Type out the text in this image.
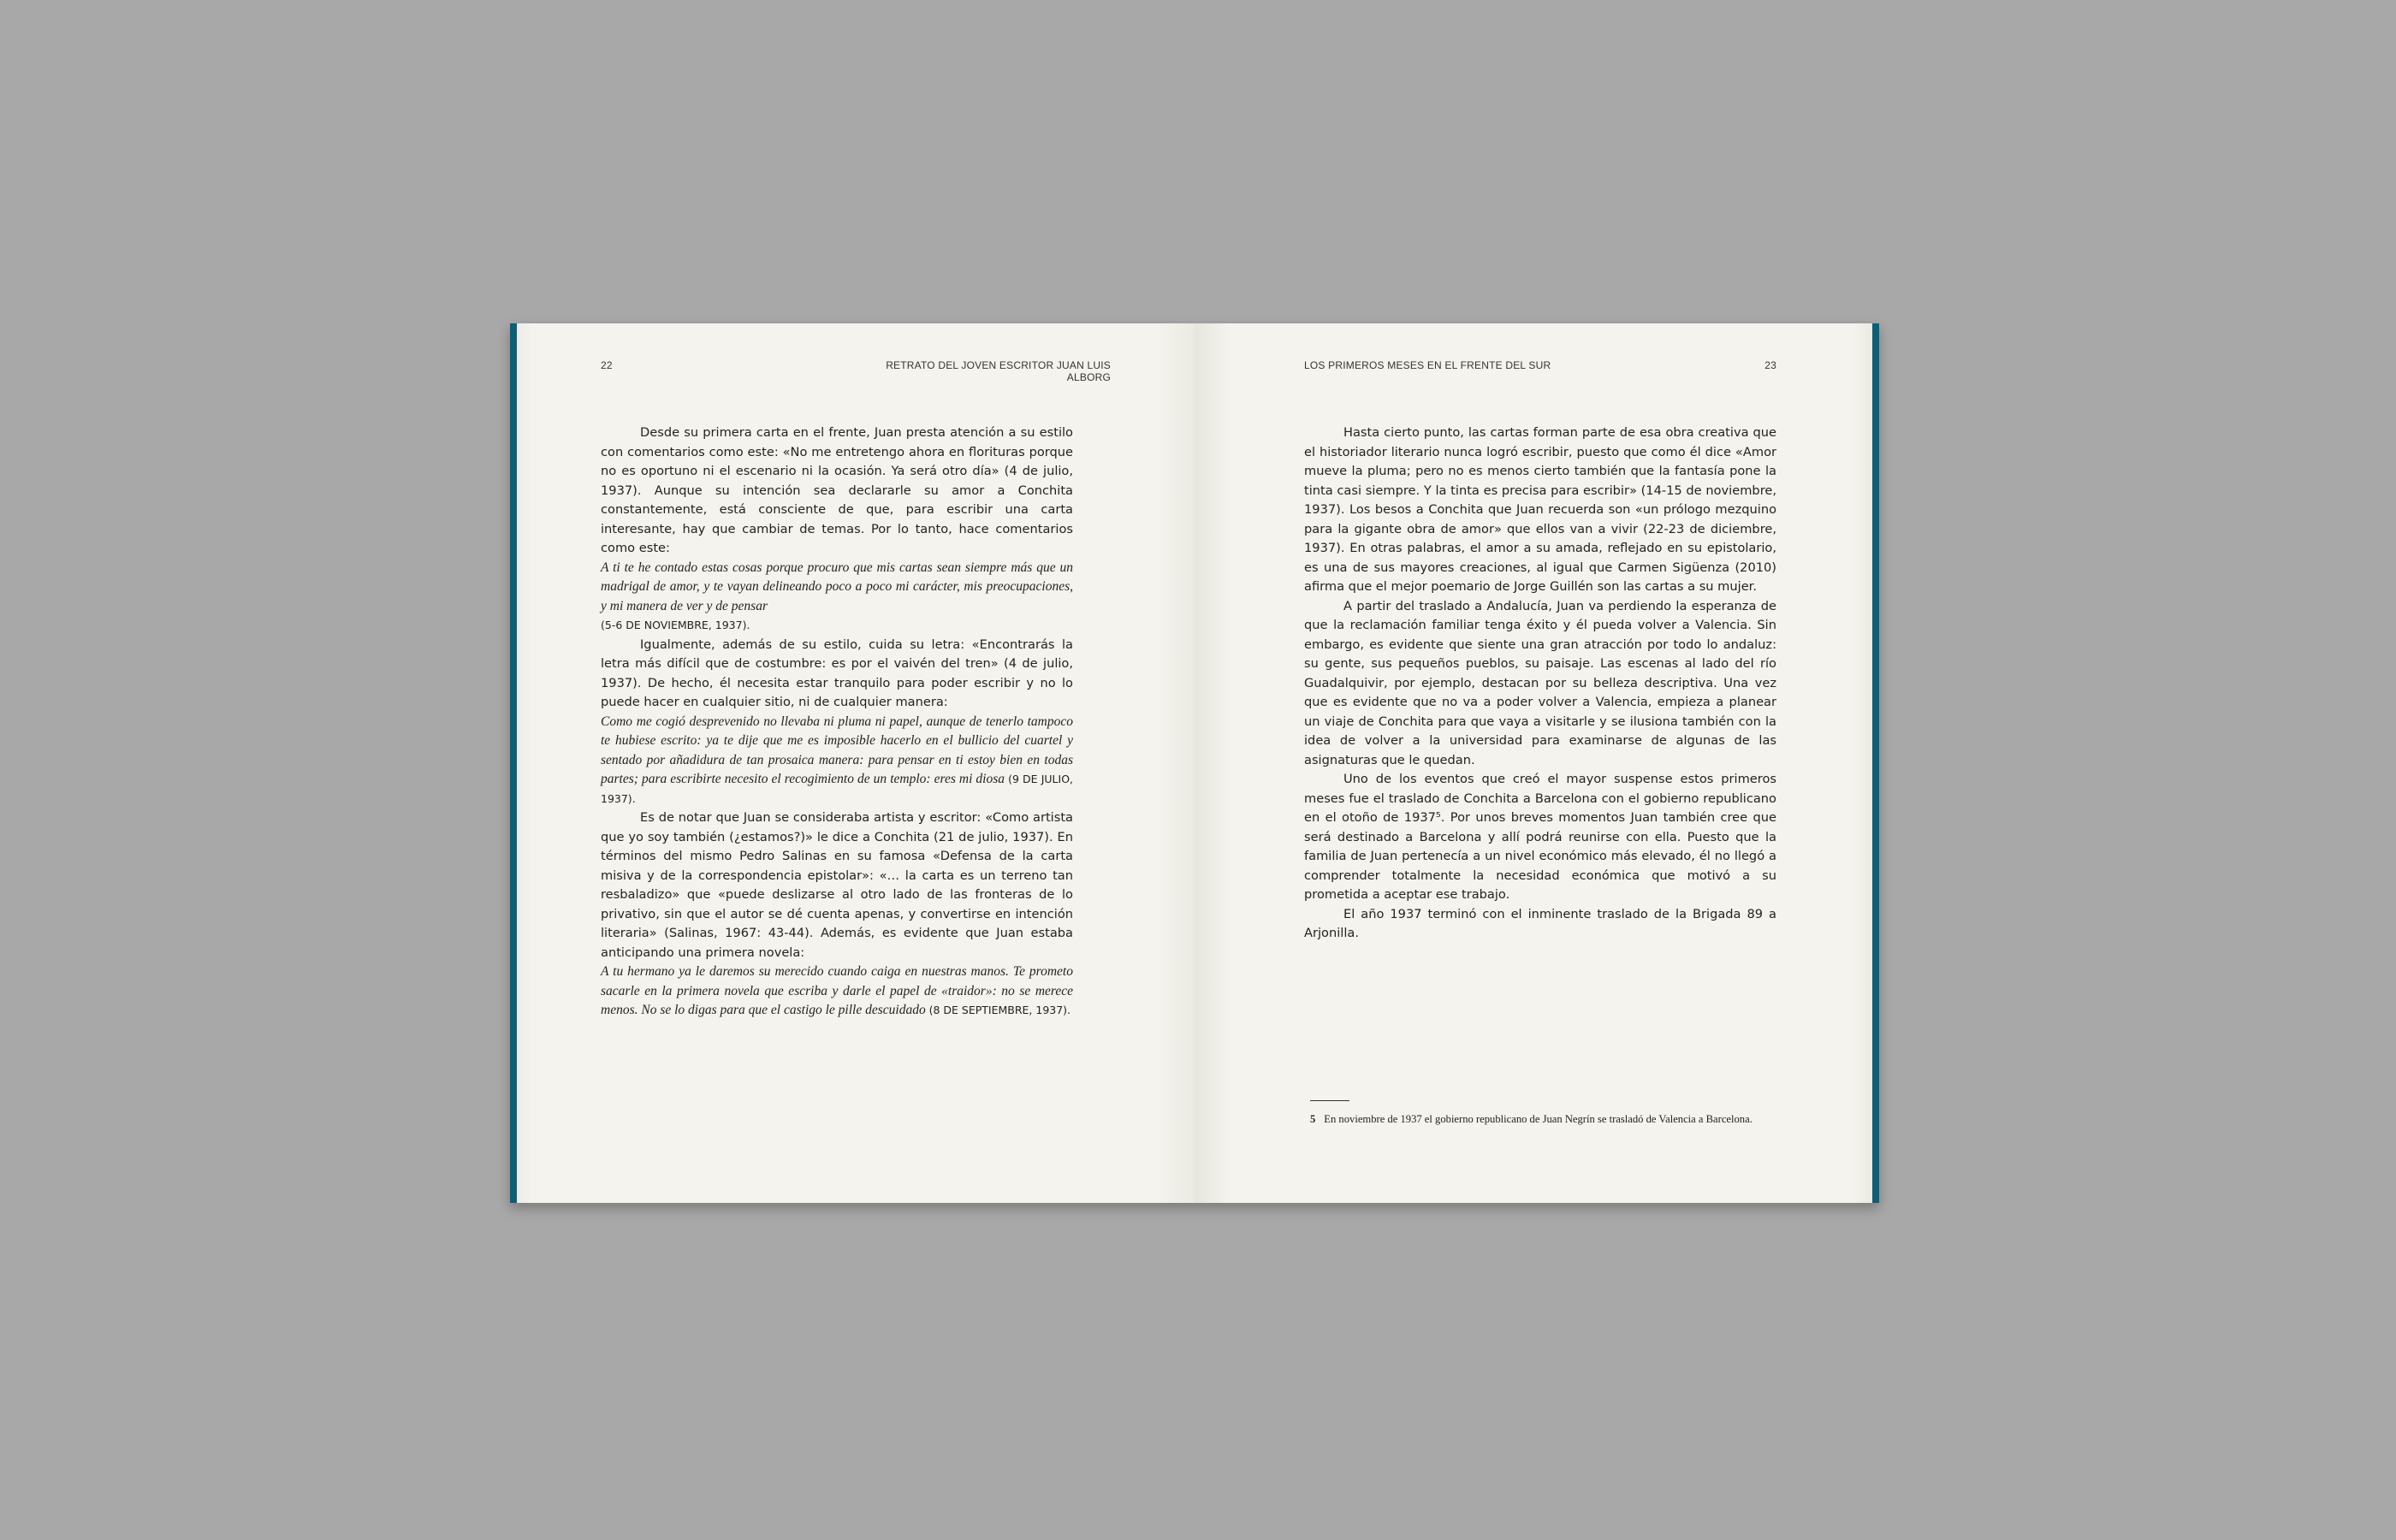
22	RETRATO DEL JOVEN ESCRITOR JUAN LUIS ALBORG

Desde su primera carta en el frente, Juan presta atención a su estilo con comentarios como este: «No me entretengo ahora en florituras porque no es oportuno ni el escenario ni la ocasión. Ya será otro día» (4 de julio, 1937). Aunque su intención sea declararle su amor a Conchita constantemente, está consciente de que, para escribir una carta interesante, hay que cambiar de temas. Por lo tanto, hace comentarios como este:

A ti te he contado estas cosas porque procuro que mis cartas sean siempre más que un madrigal de amor, y te vayan delineando poco a poco mi carácter, mis preocupaciones, y mi manera de ver y de pensar
(5-6 DE NOVIEMBRE, 1937).

Igualmente, además de su estilo, cuida su letra: «Encontrarás la letra más difícil que de costumbre: es por el vaivén del tren» (4 de julio, 1937). De hecho, él necesita estar tranquilo para poder escribir y no lo puede hacer en cualquier sitio, ni de cualquier manera:

Como me cogió desprevenido no llevaba ni pluma ni papel, aunque de tenerlo tampoco te hubiese escrito: ya te dije que me es imposible hacerlo en el bullicio del cuartel y sentado por añadidura de tan prosaica manera: para pensar en ti estoy bien en todas partes; para escribirte necesito el recogimiento de un templo: eres mi diosa (9 DE JULIO, 1937).

Es de notar que Juan se consideraba artista y escritor: «Como artista que yo soy también (¿estamos?)» le dice a Conchita (21 de julio, 1937). En términos del mismo Pedro Salinas en su famosa «Defensa de la carta misiva y de la correspondencia epistolar»: «… la carta es un terreno tan resbaladizo» que «puede deslizarse al otro lado de las fronteras de lo privativo, sin que el autor se dé cuenta apenas, y convertirse en intención literaria» (Salinas, 1967: 43-44). Además, es evidente que Juan estaba anticipando una primera novela:

A tu hermano ya le daremos su merecido cuando caiga en nuestras manos. Te prometo sacarle en la primera novela que escriba y darle el papel de «traidor»: no se merece menos. No se lo digas para que el castigo le pille descuidado (8 DE SEPTIEMBRE, 1937).

LOS PRIMEROS MESES EN EL FRENTE DEL SUR	23

Hasta cierto punto, las cartas forman parte de esa obra creativa que el historiador literario nunca logró escribir, puesto que como él dice «Amor mueve la pluma; pero no es menos cierto también que la fantasía pone la tinta casi siempre. Y la tinta es precisa para escribir» (14-15 de noviembre, 1937). Los besos a Conchita que Juan recuerda son «un prólogo mezquino para la gigante obra de amor» que ellos van a vivir (22-23 de diciembre, 1937). En otras palabras, el amor a su amada, reflejado en su epistolario, es una de sus mayores creaciones, al igual que Carmen Sigüenza (2010) afirma que el mejor poemario de Jorge Guillén son las cartas a su mujer.

A partir del traslado a Andalucía, Juan va perdiendo la esperanza de que la reclamación familiar tenga éxito y él pueda volver a Valencia. Sin embargo, es evidente que siente una gran atracción por todo lo andaluz: su gente, sus pequeños pueblos, su paisaje. Las escenas al lado del río Guadalquivir, por ejemplo, destacan por su belleza descriptiva. Una vez que es evidente que no va a poder volver a Valencia, empieza a planear un viaje de Conchita para que vaya a visitarle y se ilusiona también con la idea de volver a la universidad para examinarse de algunas de las asignaturas que le quedan.

Uno de los eventos que creó el mayor suspense estos primeros meses fue el traslado de Conchita a Barcelona con el gobierno republicano en el otoño de 1937⁵. Por unos breves momentos Juan también cree que será destinado a Barcelona y allí podrá reunirse con ella. Puesto que la familia de Juan pertenecía a un nivel económico más elevado, él no llegó a comprender totalmente la necesidad económica que motivó a su prometida a aceptar ese trabajo.

El año 1937 terminó con el inminente traslado de la Brigada 89 a Arjonilla.

5 En noviembre de 1937 el gobierno republicano de Juan Negrín se trasladó de Valencia a Barcelona.
